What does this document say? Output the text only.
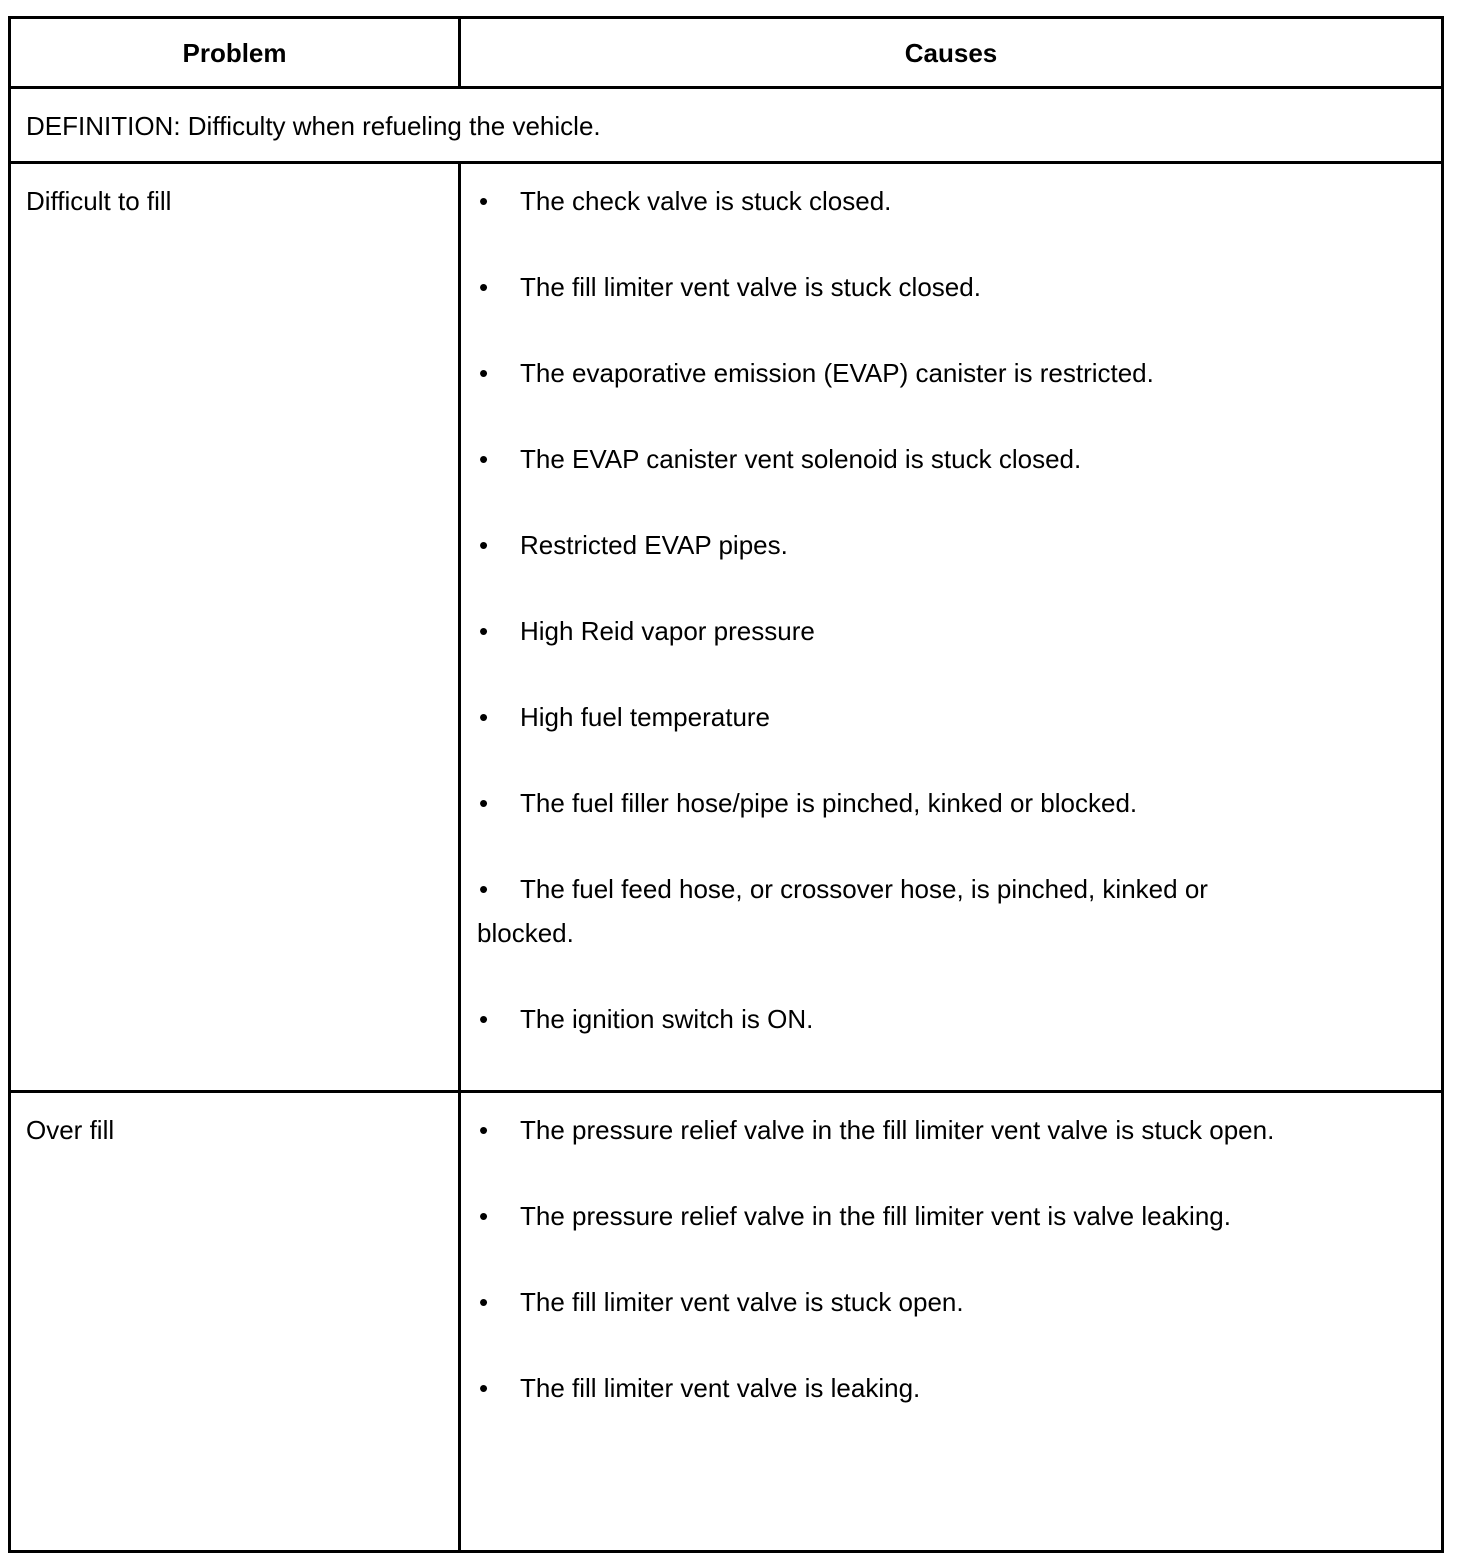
Problem	Causes
DEFINITION: Difficulty when refueling the vehicle.
Difficult to fill	•	The check valve is stuck closed.
•	The fill limiter vent valve is stuck closed.
•	The evaporative emission (EVAP) canister is restricted.
•	The EVAP canister vent solenoid is stuck closed.
•	Restricted EVAP pipes.
•	High Reid vapor pressure
•	High fuel temperature
•	The fuel filler hose/pipe is pinched, kinked or blocked.
• The fuel feed hose, or crossover hose, is pinched, kinked or blocked.
•	The ignition switch is ON.
Over fill	•	The pressure relief valve in the fill limiter vent valve is stuck open.
•	The pressure relief valve in the fill limiter vent is valve leaking.
•	The fill limiter vent valve is stuck open.
•	The fill limiter vent valve is leaking.
